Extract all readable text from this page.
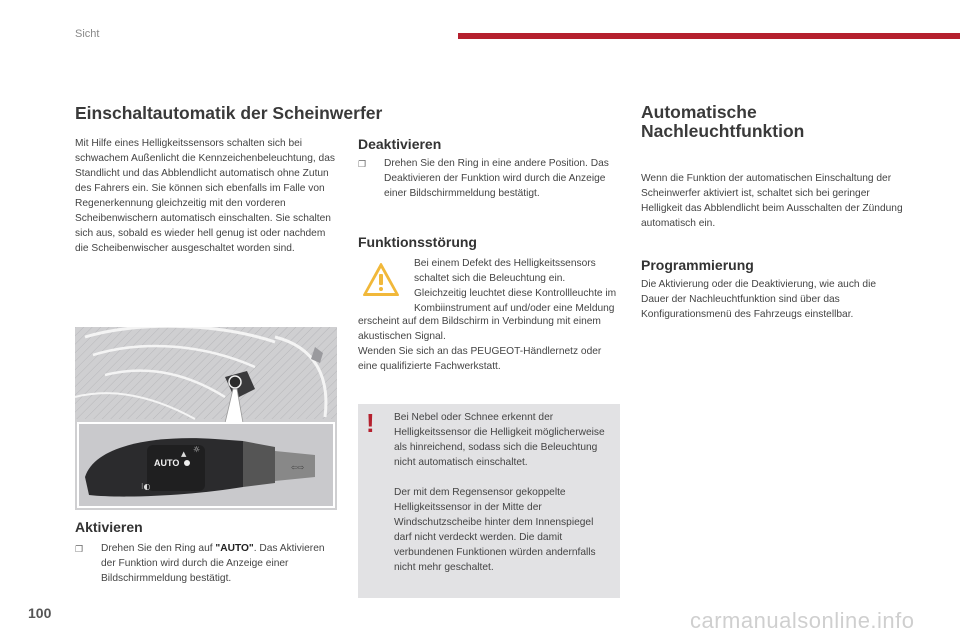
Sicht
Einschaltautomatik der Scheinwerfer
Mit Hilfe eines Helligkeitssensors schalten sich bei schwachem Außenlicht die Kennzeichenbeleuchtung, das Standlicht und das Abblendlicht automatisch ohne Zutun des Fahrers ein. Sie können sich ebenfalls im Falle von Regenerkennung gleichzeitig mit den vorderen Scheibenwischern automatisch einschalten. Sie schalten sich aus, sobald es wieder hell genug ist oder nachdem die Scheibenwischer ausgeschaltet worden sind.
AUTO
☼
⁝◐
▲
⇦⇨
Aktivieren
❐	Drehen Sie den Ring auf "AUTO". Das Aktivieren der Funktion wird durch die Anzeige einer Bildschirmmeldung bestätigt.
Deaktivieren
❐	Drehen Sie den Ring in eine andere Position. Das Deaktivieren der Funktion wird durch die Anzeige einer Bildschirmmeldung bestätigt.
Funktionsstörung
Bei einem Defekt des Helligkeitssensors schaltet sich die Beleuchtung ein. Gleichzeitig leuchtet diese Kontrollleuchte im Kombiinstrument auf und/oder eine Meldung
erscheint auf dem Bildschirm in Verbindung mit einem akustischen Signal.
Wenden Sie sich an das PEUGEOT-Händlernetz oder eine qualifizierte Fachwerkstatt.
!	Bei Nebel oder Schnee erkennt der Helligkeitssensor die Helligkeit möglicherweise als hinreichend, sodass sich die Beleuchtung nicht automatisch einschaltet.
Der mit dem Regensensor gekoppelte Helligkeitssensor in der Mitte der Windschutzscheibe hinter dem Innenspiegel darf nicht verdeckt werden. Die damit verbundenen Funktionen würden andernfalls nicht mehr geschaltet.
Automatische
Nachleuchtfunktion
Wenn die Funktion der automatischen Einschaltung der Scheinwerfer aktiviert ist, schaltet sich bei geringer Helligkeit das Abblendlicht beim Ausschalten der Zündung automatisch ein.
Programmierung
Die Aktivierung oder die Deaktivierung, wie auch die Dauer der Nachleuchtfunktion sind über das Konfigurationsmenü des Fahrzeugs einstellbar.
100	carmanualsonline.info
